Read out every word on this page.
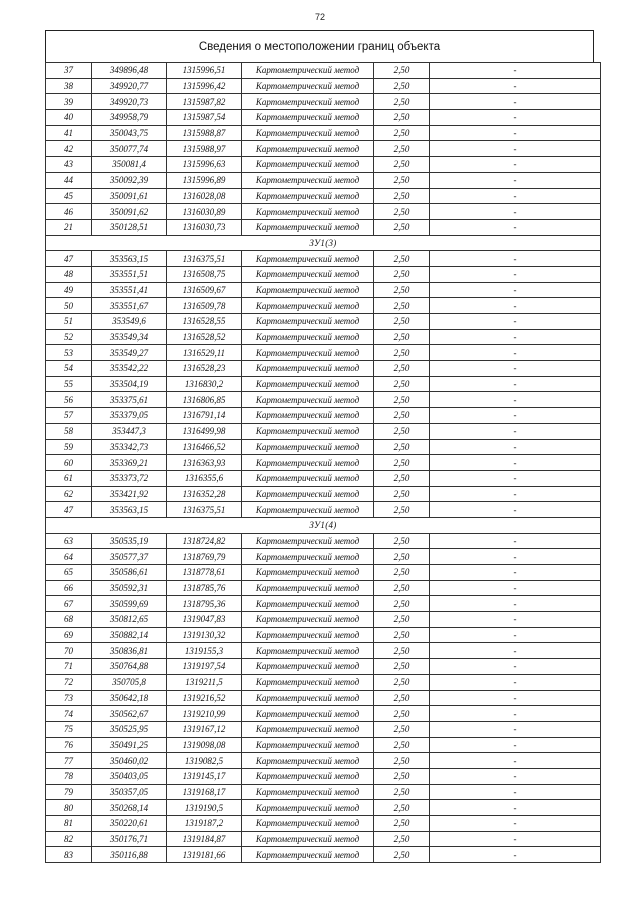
72
Сведения о местоположении границ объекта
37	349896,48	1315996,51	Картометрический метод	2,50	-
38	349920,77	1315996,42	Картометрический метод	2,50	-
39	349920,73	1315987,82	Картометрический метод	2,50	-
40	349958,79	1315987,54	Картометрический метод	2,50	-
41	350043,75	1315988,87	Картометрический метод	2,50	-
42	350077,74	1315988,97	Картометрический метод	2,50	-
43	350081,4	1315996,63	Картометрический метод	2,50	-
44	350092,39	1315996,89	Картометрический метод	2,50	-
45	350091,61	1316028,08	Картометрический метод	2,50	-
46	350091,62	1316030,89	Картометрический метод	2,50	-
21	350128,51	1316030,73	Картометрический метод	2,50	-
ЗУ1(3)					
47	353563,15	1316375,51	Картометрический метод	2,50	-
48	353551,51	1316508,75	Картометрический метод	2,50	-
49	353551,41	1316509,67	Картометрический метод	2,50	-
50	353551,67	1316509,78	Картометрический метод	2,50	-
51	353549,6	1316528,55	Картометрический метод	2,50	-
52	353549,34	1316528,52	Картометрический метод	2,50	-
53	353549,27	1316529,11	Картометрический метод	2,50	-
54	353542,22	1316528,23	Картометрический метод	2,50	-
55	353504,19	1316830,2	Картометрический метод	2,50	-
56	353375,61	1316806,85	Картометрический метод	2,50	-
57	353379,05	1316791,14	Картометрический метод	2,50	-
58	353447,3	1316499,98	Картометрический метод	2,50	-
59	353342,73	1316466,52	Картометрический метод	2,50	-
60	353369,21	1316363,93	Картометрический метод	2,50	-
61	353373,72	1316355,6	Картометрический метод	2,50	-
62	353421,92	1316352,28	Картометрический метод	2,50	-
47	353563,15	1316375,51	Картометрический метод	2,50	-
ЗУ1(4)					
63	350535,19	1318724,82	Картометрический метод	2,50	-
64	350577,37	1318769,79	Картометрический метод	2,50	-
65	350586,61	1318778,61	Картометрический метод	2,50	-
66	350592,31	1318785,76	Картометрический метод	2,50	-
67	350599,69	1318795,36	Картометрический метод	2,50	-
68	350812,65	1319047,83	Картометрический метод	2,50	-
69	350882,14	1319130,32	Картометрический метод	2,50	-
70	350836,81	1319155,3	Картометрический метод	2,50	-
71	350764,88	1319197,54	Картометрический метод	2,50	-
72	350705,8	1319211,5	Картометрический метод	2,50	-
73	350642,18	1319216,52	Картометрический метод	2,50	-
74	350562,67	1319210,99	Картометрический метод	2,50	-
75	350525,95	1319167,12	Картометрический метод	2,50	-
76	350491,25	1319098,08	Картометрический метод	2,50	-
77	350460,02	1319082,5	Картометрический метод	2,50	-
78	350403,05	1319145,17	Картометрический метод	2,50	-
79	350357,05	1319168,17	Картометрический метод	2,50	-
80	350268,14	1319190,5	Картометрический метод	2,50	-
81	350220,61	1319187,2	Картометрический метод	2,50	-
82	350176,71	1319184,87	Картометрический метод	2,50	-
83	350116,88	1319181,66	Картометрический метод	2,50	-
